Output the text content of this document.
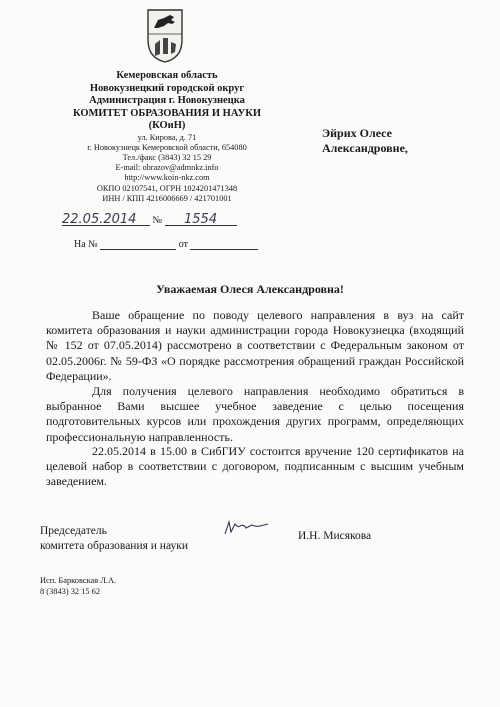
Кемеровская область
Новокузнецкий городской округ
Администрация г. Новокузнецка
КОМИТЕТ ОБРАЗОВАНИЯ И НАУКИ
(КОиН)
ул. Кирова, д. 71
г. Новокузнецк Кемеровской области, 654080
Тел./факс (3843) 32 15 29
E-mail: obrazov@admnkz.info
http://www.koin-nkz.com
ОКПО 02107541, ОГРН 1024201471348
ИНН / КПП 4216006669 / 421701001
22.05.2014 № 1554
На №	от
Эйрих Олесе
Александровне,
Уважаемая Олеся Александровна!

Ваше обращение по поводу целевого направления в вуз на сайт комитета образования и науки администрации города Новокузнецка (входящий № 152 от 07.05.2014) рассмотрено в соответствии с Федеральным законом от 02.05.2006г. № 59-ФЗ «О порядке рассмотрения обращений граждан Российской Федерации».

Для получения целевого направления необходимо обратиться в выбранное Вами высшее учебное заведение с целью посещения подготовительных курсов или прохождения других программ, определяющих профессиональную направленность.

22.05.2014 в 15.00 в СибГИУ состоится вручение 120 сертификатов на целевой набор в соответствии с договором, подписанным с высшим учебным заведением.

Председатель
комитета образования и науки
И.Н. Мисякова
Исп. Барковская Л.А.
8 (3843) 32 15 62
